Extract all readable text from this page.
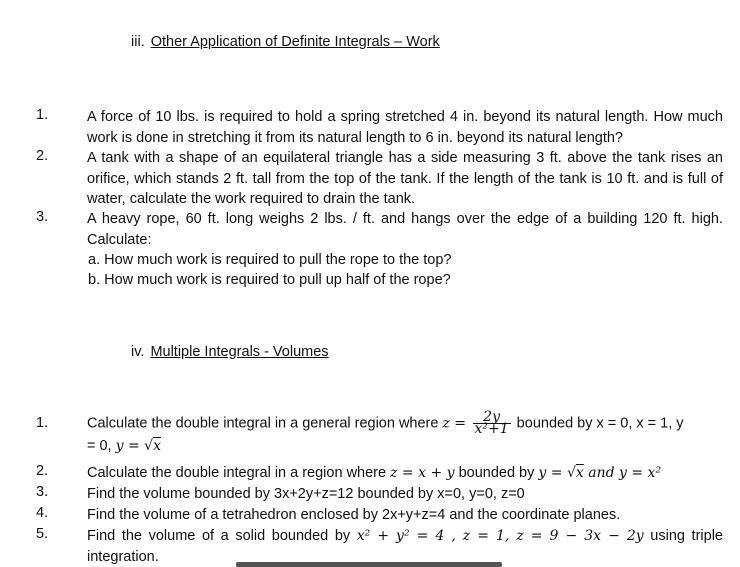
iii. Other Application of Definite Integrals – Work
1.	A force of 10 lbs. is required to hold a spring stretched 4 in. beyond its natural length. How much work is done in stretching it from its natural length to 6 in. beyond its natural length?
2.	A tank with a shape of an equilateral triangle has a side measuring 3 ft. above the tank rises an orifice, which stands 2 ft. tall from the top of the tank. If the length of the tank is 10 ft. and is full of water, calculate the work required to drain the tank.
3.	A heavy rope, 60 ft. long weighs 2 lbs. / ft. and hangs over the edge of a building 120 ft. high. Calculate:
a. How much work is required to pull the rope to the top?
b. How much work is required to pull up half of the rope?
iv. Multiple Integrals - Volumes
1.	Calculate the double integral in a general region where $z = \frac{2y}{\text{x²+1}}$ bounded by x = 0, x = 1, y
= 0, y = √x
2.	Calculate the double integral in a region where z = x + y bounded by y = √x and y = x²
3.	Find the volume bounded by 3x+2y+z=12 bounded by x=0, y=0, z=0
4.	Find the volume of a tetrahedron enclosed by 2x+y+z=4 and the coordinate planes.
5.	Find the volume of a solid bounded by x² + y² = 4 , z = 1, z = 9 − 3x − 2y using triple integration.
